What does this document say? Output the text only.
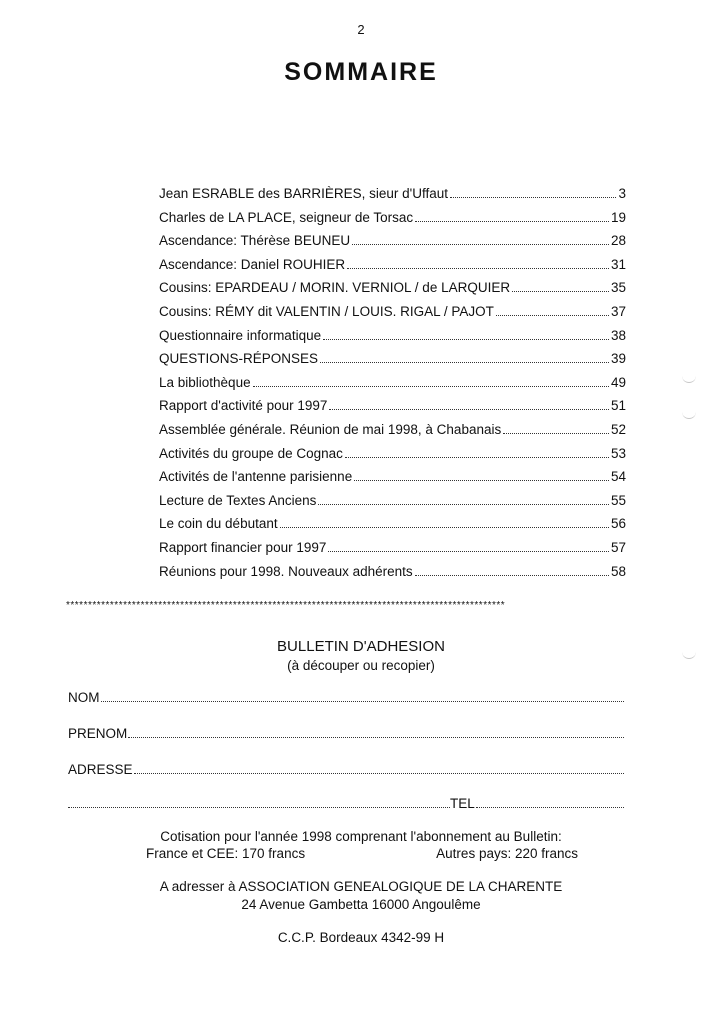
2
SOMMAIRE
Jean ESRABLE des BARRIÈRES, sieur d'Uffaut	3
Charles de LA PLACE, seigneur de Torsac	19
Ascendance: Thérèse BEUNEU	28
Ascendance: Daniel ROUHIER	31
Cousins: EPARDEAU / MORIN. VERNIOL / de LARQUIER	35
Cousins: RÉMY dit VALENTIN / LOUIS. RIGAL / PAJOT	37
Questionnaire informatique	38
QUESTIONS-RÉPONSES	39
La bibliothèque	49
Rapport d'activité pour 1997	51
Assemblée générale. Réunion de mai 1998, à Chabanais	52
Activités du groupe de Cognac	53
Activités de l'antenne parisienne	54
Lecture de Textes Anciens	55
Le coin du débutant	56
Rapport financier pour 1997	57
Réunions pour 1998. Nouveaux adhérents	58
****************************************************************************************************
BULLETIN D'ADHESION
(à découper ou recopier)
NOM
PRENOM
ADRESSE
TEL
Cotisation pour l'année 1998 comprenant l'abonnement au Bulletin:
France et CEE: 170 francs	Autres pays: 220 francs
A adresser à ASSOCIATION GENEALOGIQUE DE LA CHARENTE
24 Avenue Gambetta 16000 Angoulême
C.C.P. Bordeaux 4342-99 H
